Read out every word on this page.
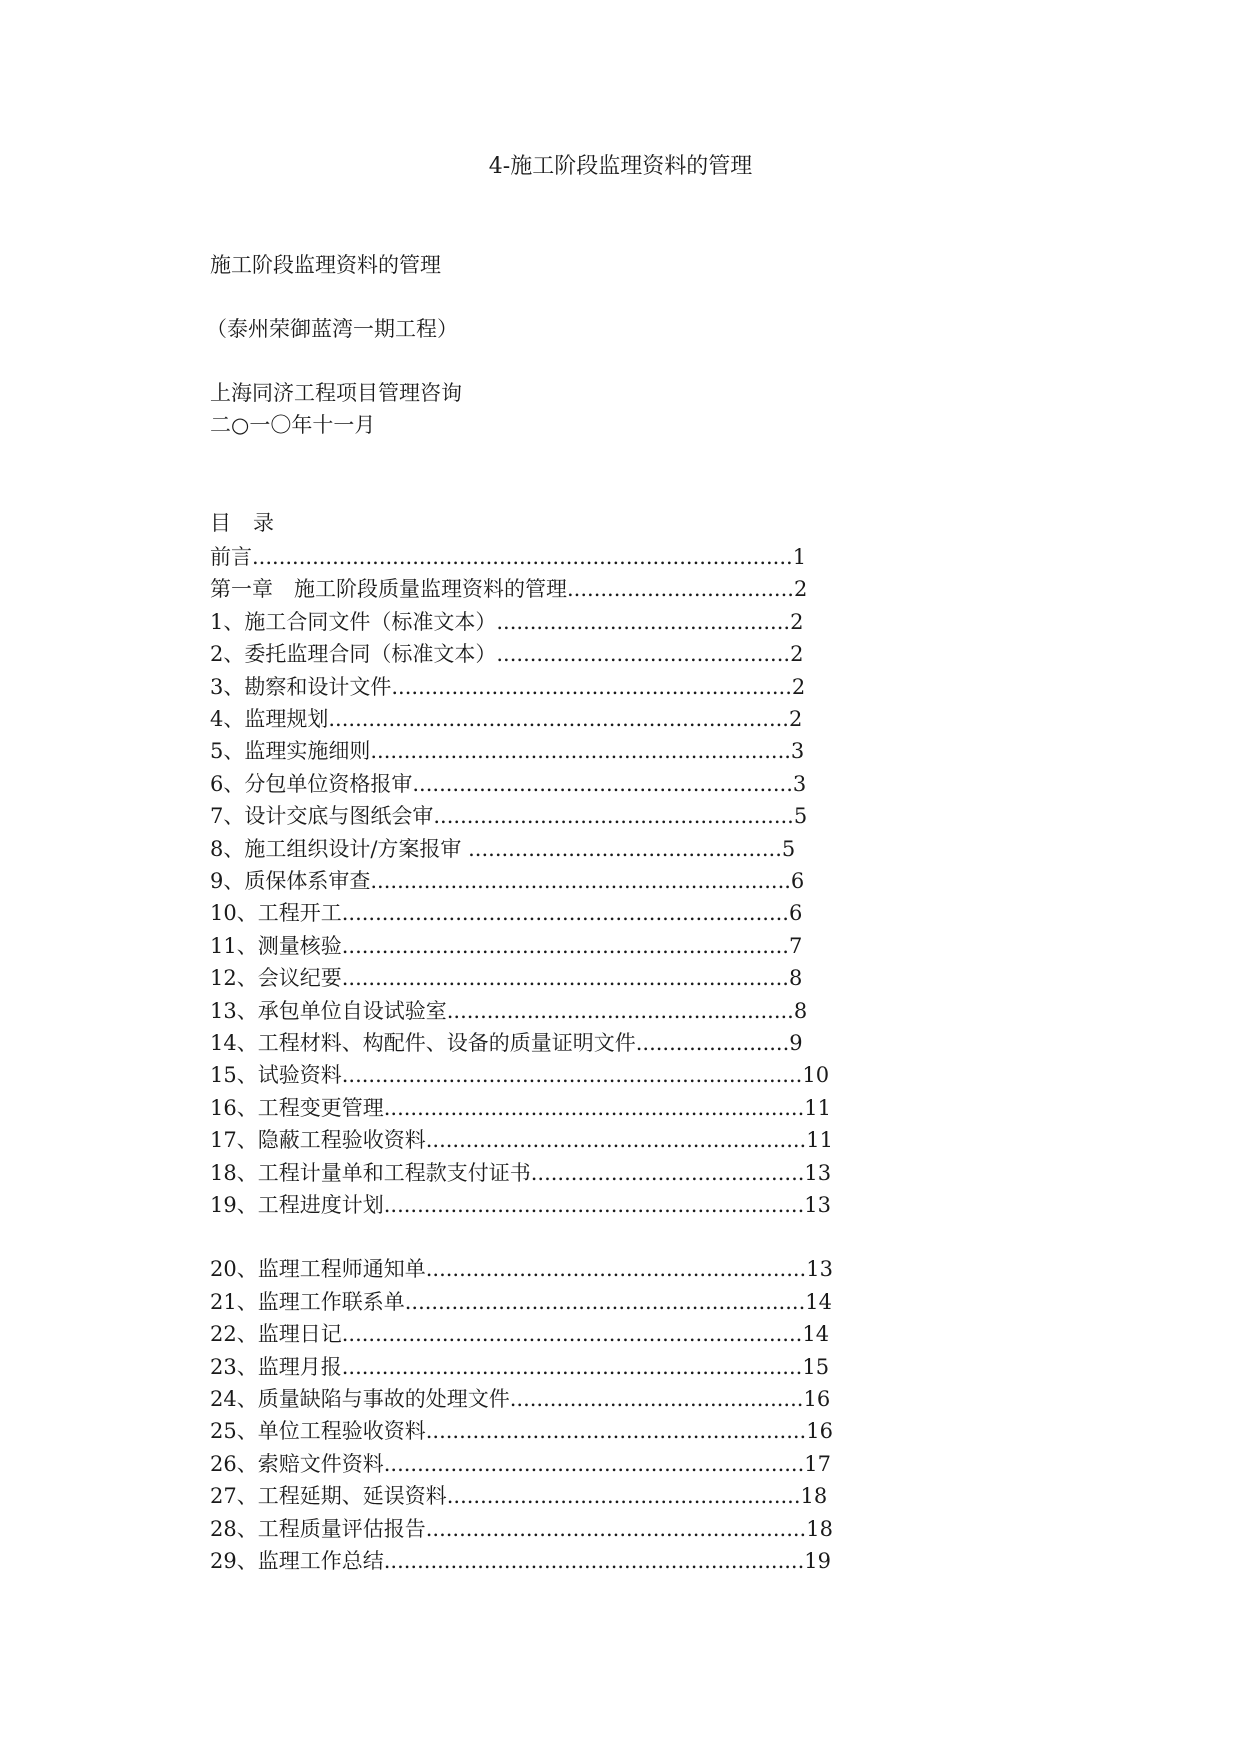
4-施工阶段监理资料的管理
施工阶段监理资料的管理
（泰州荣御蓝湾一期工程）
上海同济工程项目管理咨询
二○一〇年十一月
目 录
前言.................................................................................1
第一章　施工阶段质量监理资料的管理..................................2
1、施工合同文件（标准文本）............................................2
2、委托监理合同（标准文本）............................................2
3、勘察和设计文件............................................................2
4、监理规划.....................................................................2
5、监理实施细则...............................................................3
6、分包单位资格报审.........................................................3
7、设计交底与图纸会审......................................................5
8、施工组织设计/方案报审 ...............................................5
9、质保体系审查...............................................................6
10、工程开工...................................................................6
11、测量核验...................................................................7
12、会议纪要...................................................................8
13、承包单位自设试验室....................................................8
14、工程材料、构配件、设备的质量证明文件.......................9
15、试验资料.....................................................................10
16、工程变更管理...............................................................11
17、隐蔽工程验收资料.........................................................11
18、工程计量单和工程款支付证书.........................................13
19、工程进度计划...............................................................13
20、监理工程师通知单.........................................................13
21、监理工作联系单............................................................14
22、监理日记.....................................................................14
23、监理月报.....................................................................15
24、质量缺陷与事故的处理文件............................................16
25、单位工程验收资料.........................................................16
26、索赔文件资料...............................................................17
27、工程延期、延误资料.....................................................18
28、工程质量评估报告.........................................................18
29、监理工作总结...............................................................19
